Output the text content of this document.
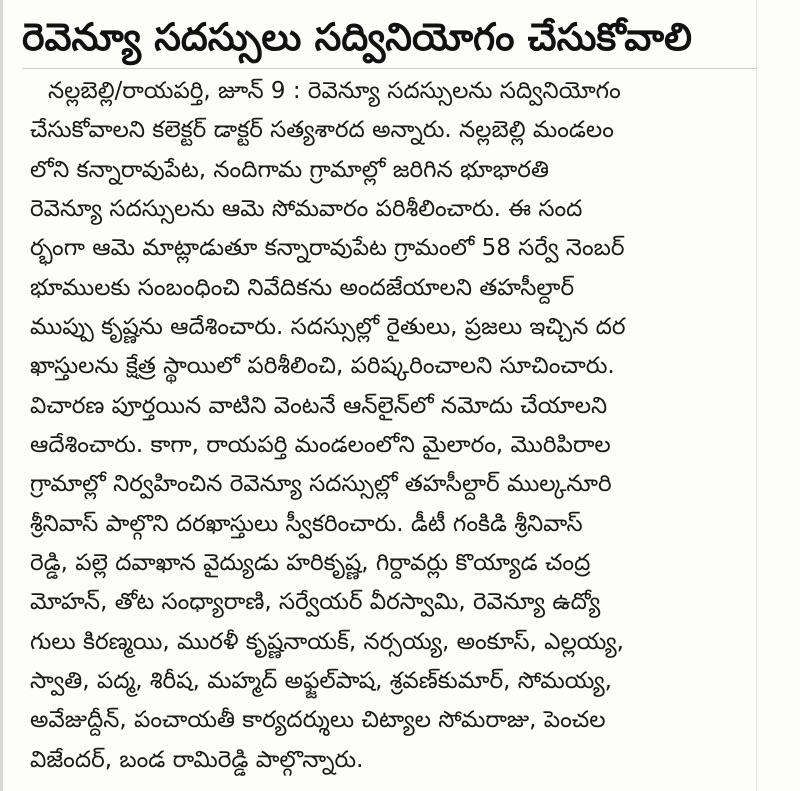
రెవెన్యూ సదస్సులు సద్వినియోగం చేసుకోవాలి
నల్లబెల్లి/రాయపర్తి, జూన్ 9 : రెవెన్యూ సదస్సులను సద్వినియోగం
చేసుకోవాలని కలెక్టర్ డాక్టర్ సత్యశారద అన్నారు. నల్లబెల్లి మండలం
లోని కన్నారావుపేట, నందిగామ గ్రామాల్లో జరిగిన భూభారతి
రెవెన్యూ సదస్సులను ఆమె సోమవారం పరిశీలించారు. ఈ సంద
ర్భంగా ఆమె మాట్లాడుతూ కన్నారావుపేట గ్రామంలో 58 సర్వే నెంబర్
భూములకు సంబంధించి నివేదికను అందజేయాలని తహసీల్దార్
ముప్పు కృష్ణను ఆదేశించారు. సదస్సుల్లో రైతులు, ప్రజలు ఇచ్చిన దర
ఖాస్తులను క్షేత్ర స్థాయిలో పరిశీలించి, పరిష్కరించాలని సూచించారు.
విచారణ పూర్తయిన వాటిని వెంటనే ఆన్‌లైన్‌లో నమోదు చేయాలని
ఆదేశించారు. కాగా, రాయపర్తి మండలంలోని మైలారం, మొరిపిరాల
గ్రామాల్లో నిర్వహించిన రెవెన్యూ సదస్సుల్లో తహసీల్దార్ ముల్కనూరి
శ్రీనివాస్ పాల్గొని దరఖాస్తులు స్వీకరించారు. డీటీ గంకిడి శ్రీనివాస్
రెడ్డి, పల్లె దవాఖాన వైద్యుడు హరికృష్ణ, గిర్దావర్లు కొయ్యాడ చంద్ర
మోహన్, తోట సంధ్యారాణి, సర్వేయర్ వీరస్వామి, రెవెన్యూ ఉద్యో
గులు కిరణ్మయి, మురళీ కృష్ణనాయక్, నర్సయ్య, అంకూస్, ఎల్లయ్య,
స్వాతి, పద్మ, శిరీష, మహ్మద్ అఫ్జల్‌పాష, శ్రవణ్‌కుమార్, సోమయ్య,
అవేజుద్దీన్, పంచాయతీ కార్యదర్శులు చిట్యాల సోమరాజు, పెంచల
విజేందర్, బండ రామిరెడ్డి పాల్గొన్నారు.
